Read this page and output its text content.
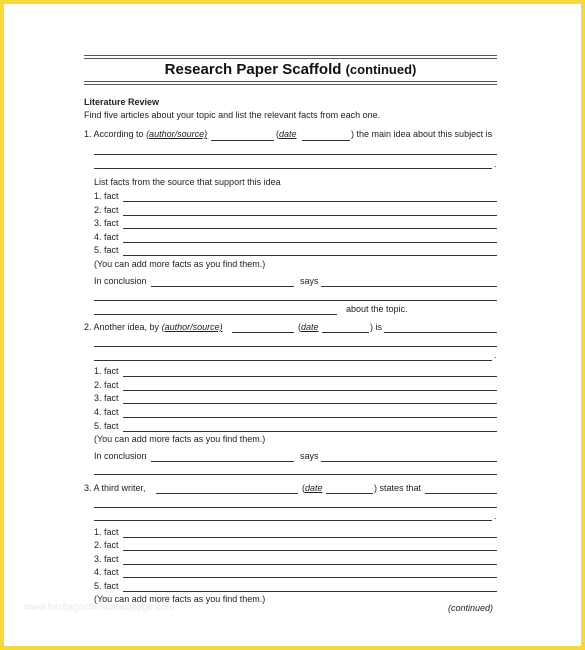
Research Paper Scaffold (continued)
Literature Review
Find five articles about your topic and list the relevant facts from each one.
1. According to (author/source)	(date	) the main idea about this subject is
.
List facts from the source that support this idea
1. fact
2. fact
3. fact
4. fact
5. fact
(You can add more facts as you find them.)
In conclusion	says
about the topic.
2. Another idea, by (author/source)	(date	) is
.
1. fact
2. fact
3. fact
4. fact
5. fact
(You can add more facts as you find them.)
In conclusion	says
3. A third writer,	(date	) states that
.
1. fact
2. fact
3. fact
4. fact
5. fact
(You can add more facts as you find them.)
(continued)
www.heritagechristiancollege.com
